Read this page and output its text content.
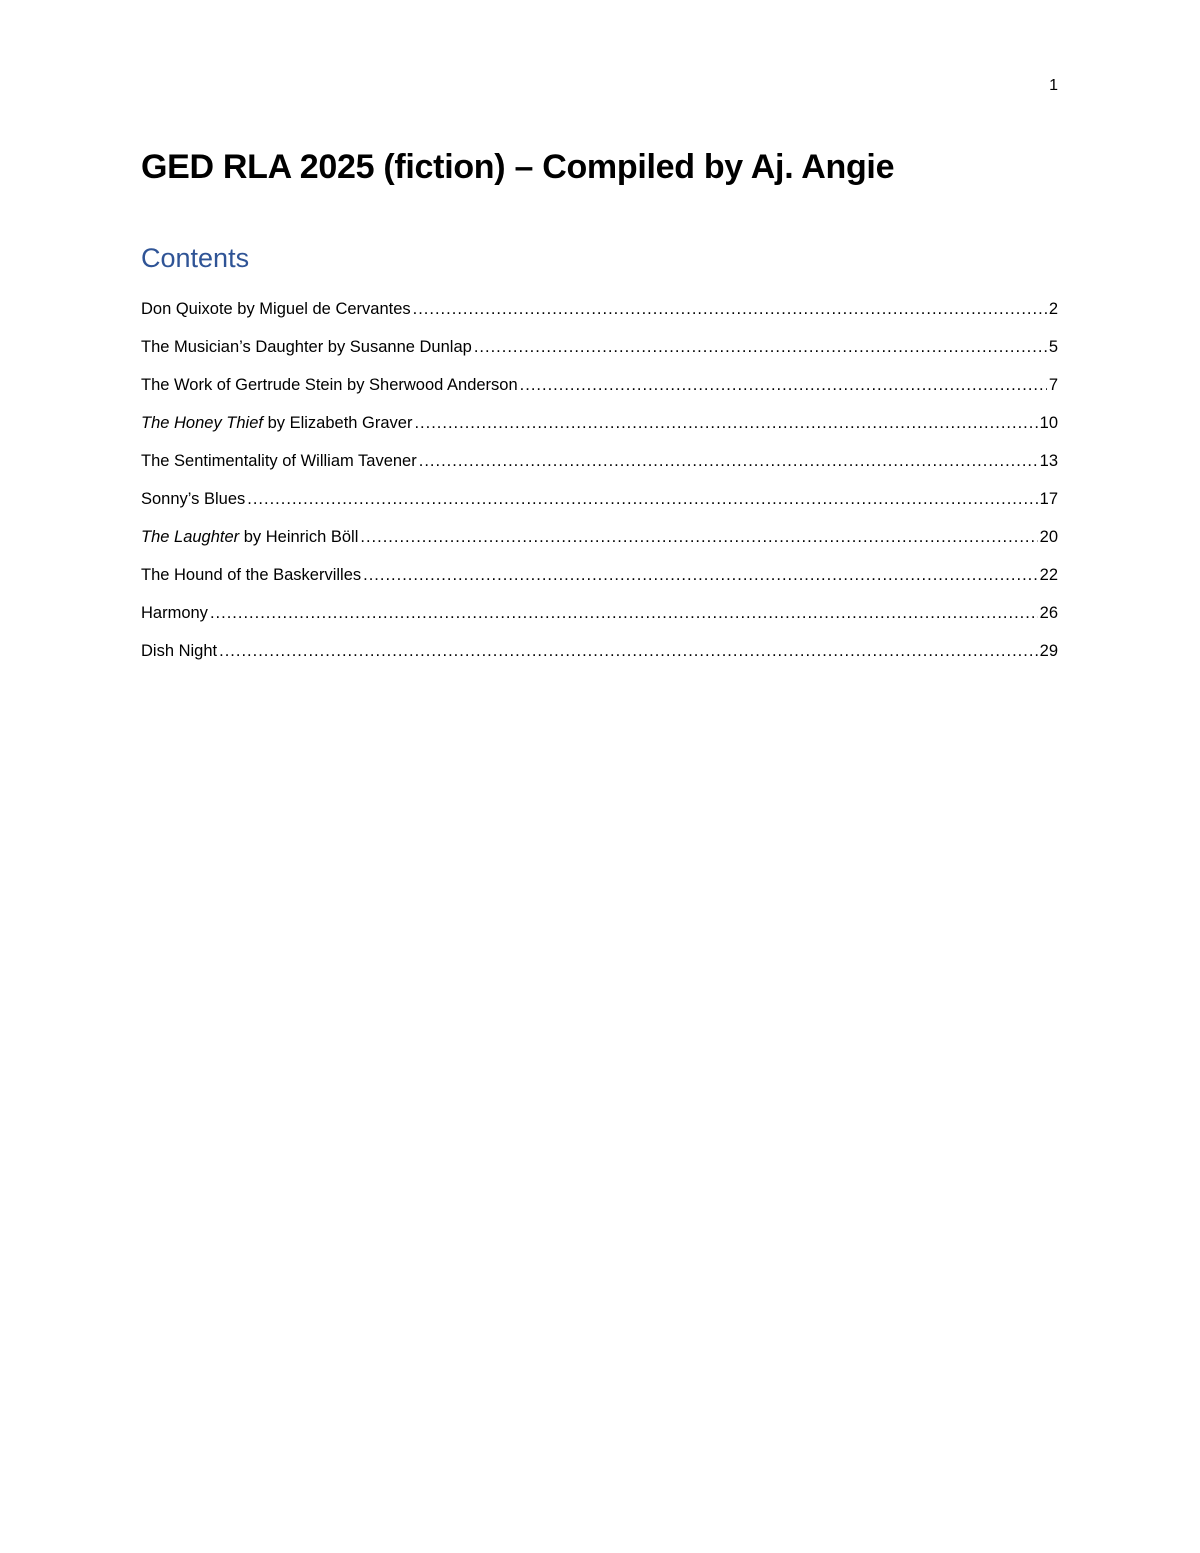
1
GED RLA 2025 (fiction) – Compiled by Aj. Angie
Contents
Don Quixote by Miguel de Cervantes .....	2
The Musician’s Daughter by Susanne Dunlap .....	5
The Work of Gertrude Stein by Sherwood Anderson .....	7
The Honey Thief by Elizabeth Graver .....	10
The Sentimentality of William Tavener .....	13
Sonny’s Blues .....	17
The Laughter by Heinrich Böll .....	20
The Hound of the Baskervilles .....	22
Harmony .....	26
Dish Night .....	29
